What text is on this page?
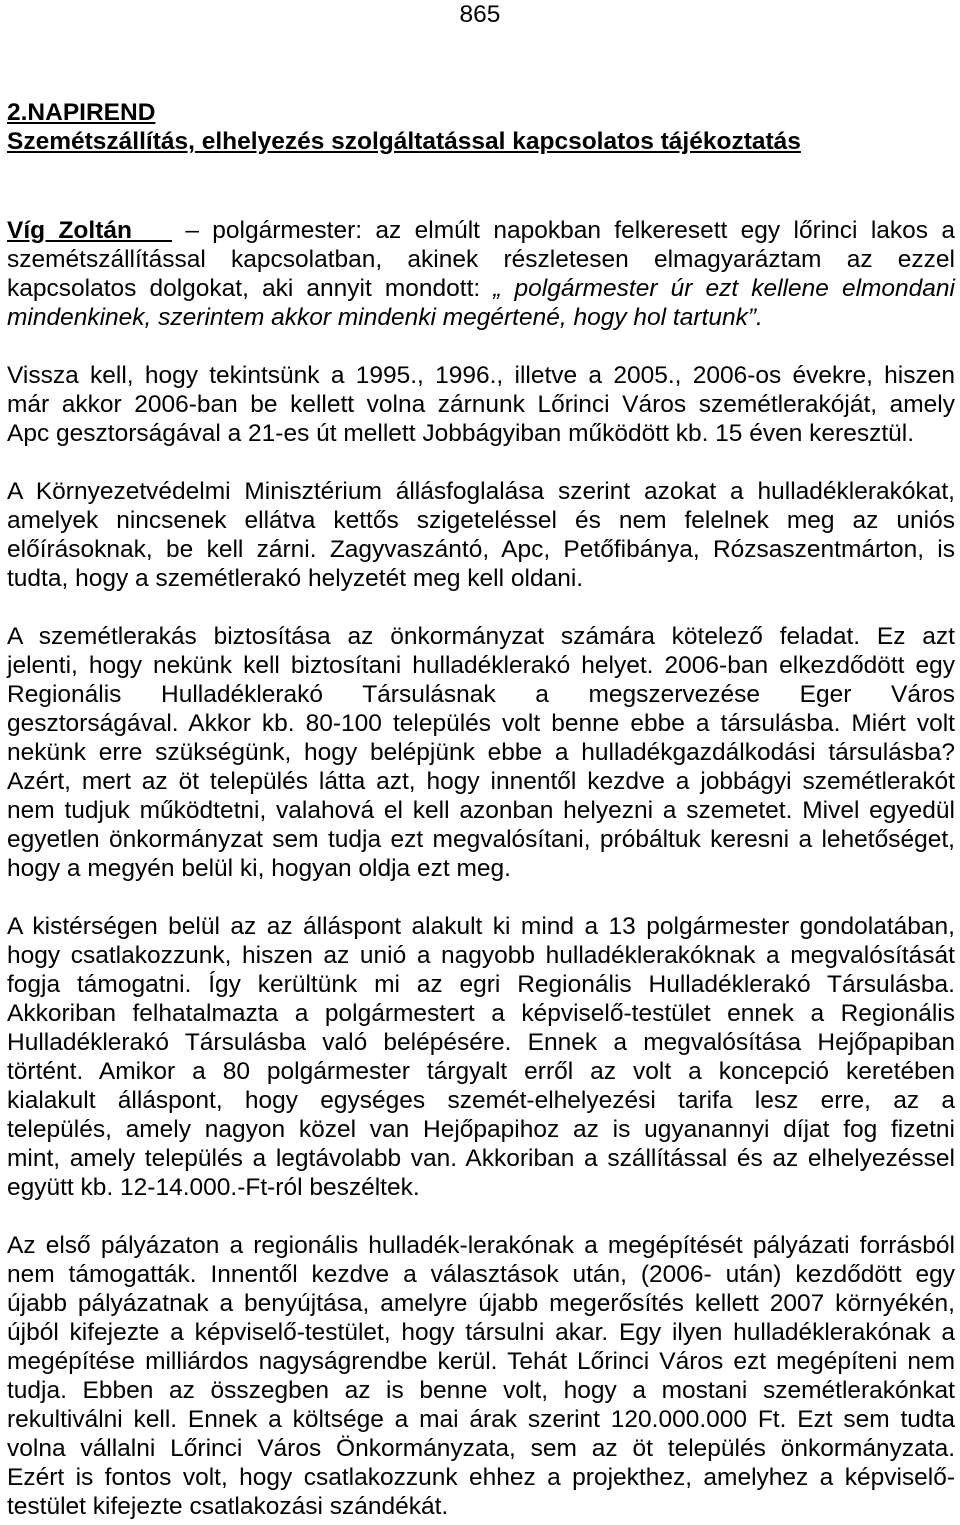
865
2.NAPIREND
Szemétszállítás, elhelyezés szolgáltatással kapcsolatos tájékoztatás
Víg Zoltán – polgármester: az elmúlt napokban felkeresett egy lőrinci lakos a
szemétszállítással kapcsolatban, akinek részletesen elmagyaráztam az ezzel
kapcsolatos dolgokat, aki annyit mondott: „ polgármester úr ezt kellene elmondani
mindenkinek, szerintem akkor mindenki megértené, hogy hol tartunk”.
Vissza kell, hogy tekintsünk a 1995., 1996., illetve a 2005., 2006-os évekre, hiszen
már akkor 2006-ban be kellett volna zárnunk Lőrinci Város szemétlerakóját, amely
Apc gesztorságával a 21-es út mellett Jobbágyiban működött kb. 15 éven keresztül.
A Környezetvédelmi Minisztérium állásfoglalása szerint azokat a hulladéklerakókat,
amelyek nincsenek ellátva kettős szigeteléssel és nem felelnek meg az uniós
előírásoknak, be kell zárni. Zagyvaszántó, Apc, Petőfibánya, Rózsaszentmárton, is
tudta, hogy a szemétlerakó helyzetét meg kell oldani.
A szemétlerakás biztosítása az önkormányzat számára kötelező feladat. Ez azt
jelenti, hogy nekünk kell biztosítani hulladéklerakó helyet. 2006-ban elkezdődött egy
Regionális Hulladéklerakó Társulásnak a megszervezése Eger Város
gesztorságával. Akkor kb. 80-100 település volt benne ebbe a társulásba. Miért volt
nekünk erre szükségünk, hogy belépjünk ebbe a hulladékgazdálkodási társulásba?
Azért, mert az öt település látta azt, hogy innentől kezdve a jobbágyi szemétlerakót
nem tudjuk működtetni, valahová el kell azonban helyezni a szemetet. Mivel egyedül
egyetlen önkormányzat sem tudja ezt megvalósítani, próbáltuk keresni a lehetőséget,
hogy a megyén belül ki, hogyan oldja ezt meg.
A kistérségen belül az az álláspont alakult ki mind a 13 polgármester gondolatában,
hogy csatlakozzunk, hiszen az unió a nagyobb hulladéklerakóknak a megvalósítását
fogja támogatni. Így kerültünk mi az egri Regionális Hulladéklerakó Társulásba.
Akkoriban felhatalmazta a polgármestert a képviselő-testület ennek a Regionális
Hulladéklerakó Társulásba való belépésére. Ennek a megvalósítása Hejőpapiban
történt. Amikor a 80 polgármester tárgyalt erről az volt a koncepció keretében
kialakult álláspont, hogy egységes szemét-elhelyezési tarifa lesz erre, az a
település, amely nagyon közel van Hejőpapihoz az is ugyanannyi díjat fog fizetni
mint, amely település a legtávolabb van. Akkoriban a szállítással és az elhelyezéssel
együtt kb. 12-14.000.-Ft-ról beszéltek.
Az első pályázaton a regionális hulladék-lerakónak a megépítését pályázati forrásból
nem támogatták. Innentől kezdve a választások után, (2006- után) kezdődött egy
újabb pályázatnak a benyújtása, amelyre újabb megerősítés kellett 2007 környékén,
újból kifejezte a képviselő-testület, hogy társulni akar. Egy ilyen hulladéklerakónak a
megépítése milliárdos nagyságrendbe kerül. Tehát Lőrinci Város ezt megépíteni nem
tudja. Ebben az összegben az is benne volt, hogy a mostani szemétlerakónkat
rekultiválni kell. Ennek a költsége a mai árak szerint 120.000.000 Ft. Ezt sem tudta
volna vállalni Lőrinci Város Önkormányzata, sem az öt település önkormányzata.
Ezért is fontos volt, hogy csatlakozzunk ehhez a projekthez, amelyhez a képviselő-
testület kifejezte csatlakozási szándékát.
